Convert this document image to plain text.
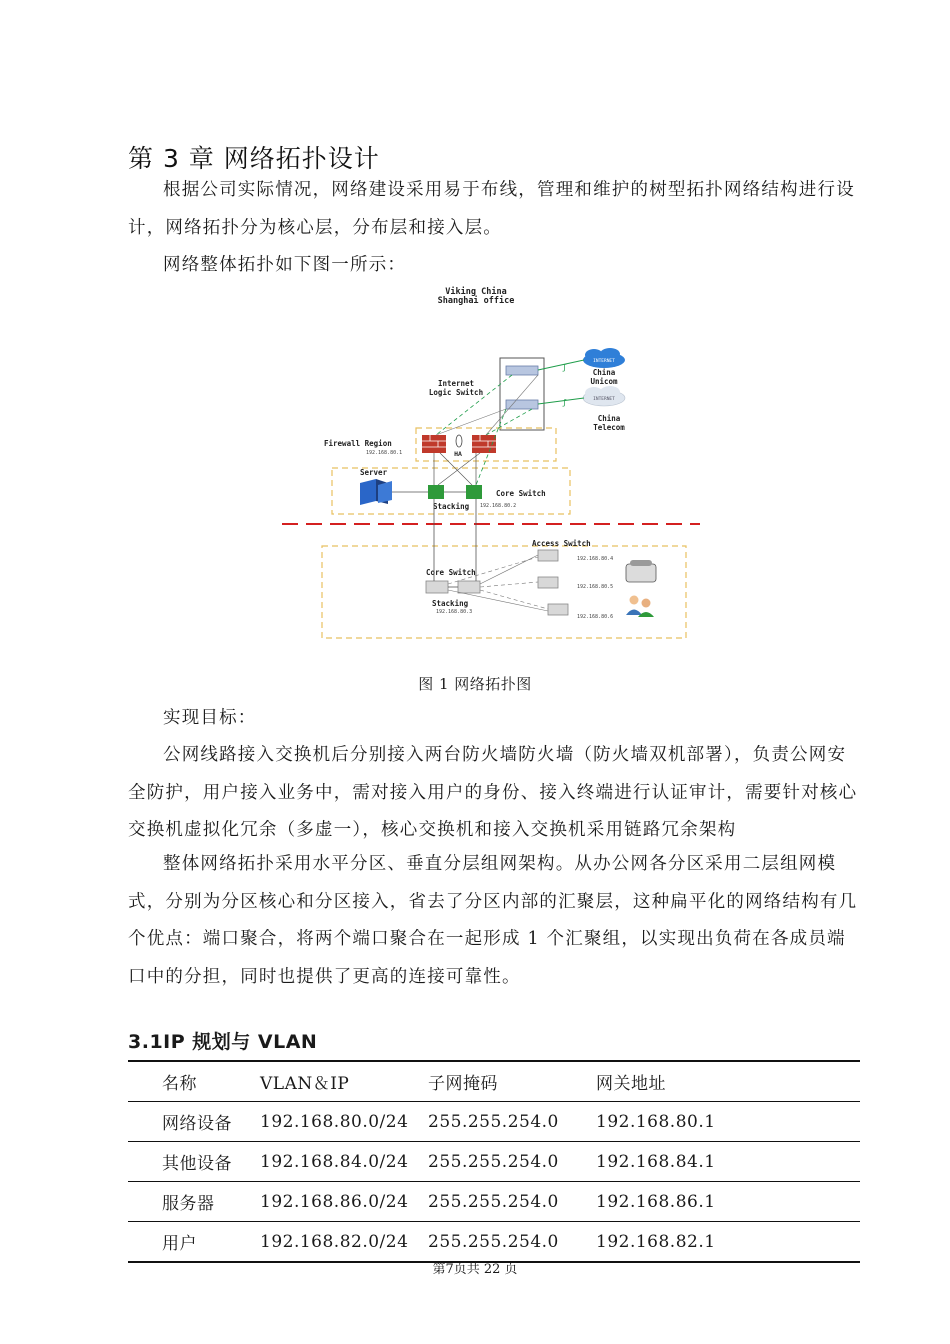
第 3 章 网络拓扑设计

根据公司实际情况，网络建设采用易于布线，管理和维护的树型拓扑网络结构进行设计，网络拓扑分为核心层，分布层和接入层。

网络整体拓扑如下图一所示：

Viking China
Shanghai office
Internet
Logic Switch
INTERNET
INTERNET
China
Unicom
China
Telecom
ʃ
ʃ
Firewall Region
192.168.80.1	HA
Server
Core Switch
Stacking 192.168.80.2
Access Switch
Core Switch
Stacking
192.168.80.3
192.168.80.4
192.168.80.5
192.168.80.6
图 1 网络拓扑图

实现目标：

公网线路接入交换机后分别接入两台防火墙防火墙（防火墙双机部署），负责公网安全防护，用户接入业务中，需对接入用户的身份、接入终端进行认证审计，需要针对核心交换机虚拟化冗余（多虚一），核心交换机和接入交换机采用链路冗余架构

整体网络拓扑采用水平分区、垂直分层组网架构。从办公网各分区采用二层组网模式，分别为分区核心和分区接入，省去了分区内部的汇聚层，这种扁平化的网络结构有几个优点：端口聚合，将两个端口聚合在一起形成 1 个汇聚组，以实现出负荷在各成员端口中的分担，同时也提供了更高的连接可靠性。

3.1IP 规划与 VLAN
名称	VLAN＆IP	子网掩码	网关地址
网络设备	192.168.80.0/24	255.255.254.0	192.168.80.1
其他设备	192.168.84.0/24	255.255.254.0	192.168.84.1
服务器	192.168.86.0/24	255.255.254.0	192.168.86.1
用户	192.168.82.0/24	255.255.254.0	192.168.82.1
第7页共 22 页
